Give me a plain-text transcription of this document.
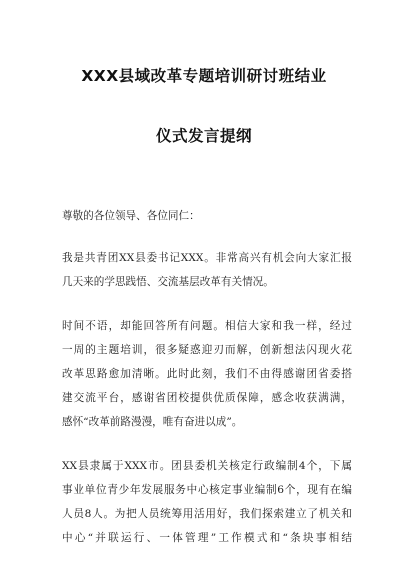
XXX县域改革专题培训研讨班结业
仪式发言提纲
尊敬的各位领导、各位同仁：
我是共青团XX县委书记XXX。非常高兴有机会向大家汇报
几天来的学思践悟、交流基层改革有关情况。
时间不语，却能回答所有问题。相信大家和我一样，经过
一周的主题培训，很多疑惑迎刃而解，创新想法闪现火花
改革思路愈加清晰。此时此刻，我们不由得感谢团省委搭
建交流平台，感谢省团校提供优质保障，感念收获满满，
感怀“改革前路漫漫，唯有奋进以成”。
XX县隶属于XXX市。团县委机关核定行政编制4个，下属
事业单位青少年发展服务中心核定事业编制6个，现有在编
人员8人。为把人员统筹用活用好，我们探索建立了机关和
中心“并联运行、一体管理”工作模式和“条块事相结
